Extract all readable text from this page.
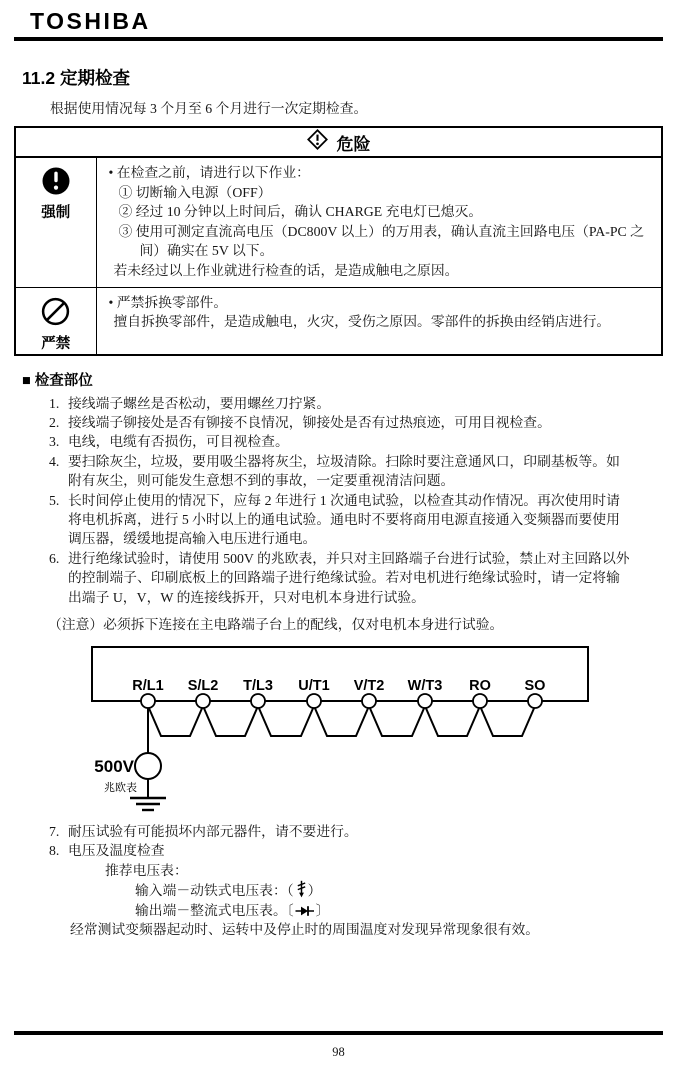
TOSHIBA
11.2 定期检查
根据使用情况每 3 个月至 6 个月进行一次定期检查。
危险	

强制	• 在检查之前，请进行以下作业：
① 切断输入电源（OFF）
② 经过 10 分钟以上时间后，确认 CHARGE 充电灯已熄灭。
③ 使用可测定直流高电压（DC800V 以上）的万用表，确认直流主回路电压（PA-PC 之间）确实在 5V 以下。
若未经过以上作业就进行检查的话，是造成触电之原因。

严禁	• 严禁拆换零部件。
擅自拆换零部件，是造成触电，火灾，受伤之原因。零部件的拆换由经销店进行。
■ 检查部位
1. 接线端子螺丝是否松动，要用螺丝刀拧紧。
2. 接线端子铆接处是否有铆接不良情况，铆接处是否有过热痕迹，可用目视检查。
3. 电线，电缆有否损伤，可目视检查。
4. 要扫除灰尘，垃圾，要用吸尘器将灰尘，垃圾清除。扫除时要注意通风口，印刷基板等。如附有灰尘，则可能发生意想不到的事故，一定要重视清洁问题。
5. 长时间停止使用的情况下，应每 2 年进行 1 次通电试验，以检查其动作情况。再次使用时请将电机拆离，进行 5 小时以上的通电试验。通电时不要将商用电源直接通入变频器而要使用调压器，缓缓地提高输入电压进行通电。
6. 进行绝缘试验时，请使用 500V 的兆欧表，并只对主回路端子台进行试验，禁止对主回路以外的控制端子、印刷底板上的回路端子进行绝缘试验。若对电机进行绝缘试验时，请一定将输出端子 U，V，W 的连接线拆开，只对电机本身进行试验。
（注意）必须拆下连接在主电路端子台上的配线，仅对电机本身进行试验。
R/L1 S/L2 T/L3 U/T1 V/T2 W/T3 RO SO
500V
兆欧表
7. 耐压试验有可能损坏内部元器件，请不要进行。
8. 电压及温度检查
推荐电压表：
输入端－动铁式电压表：（ ）
输出端－整流式电压表。〔 〕
经常测试变频器起动时、运转中及停止时的周围温度对发现异常现象很有效。
98
